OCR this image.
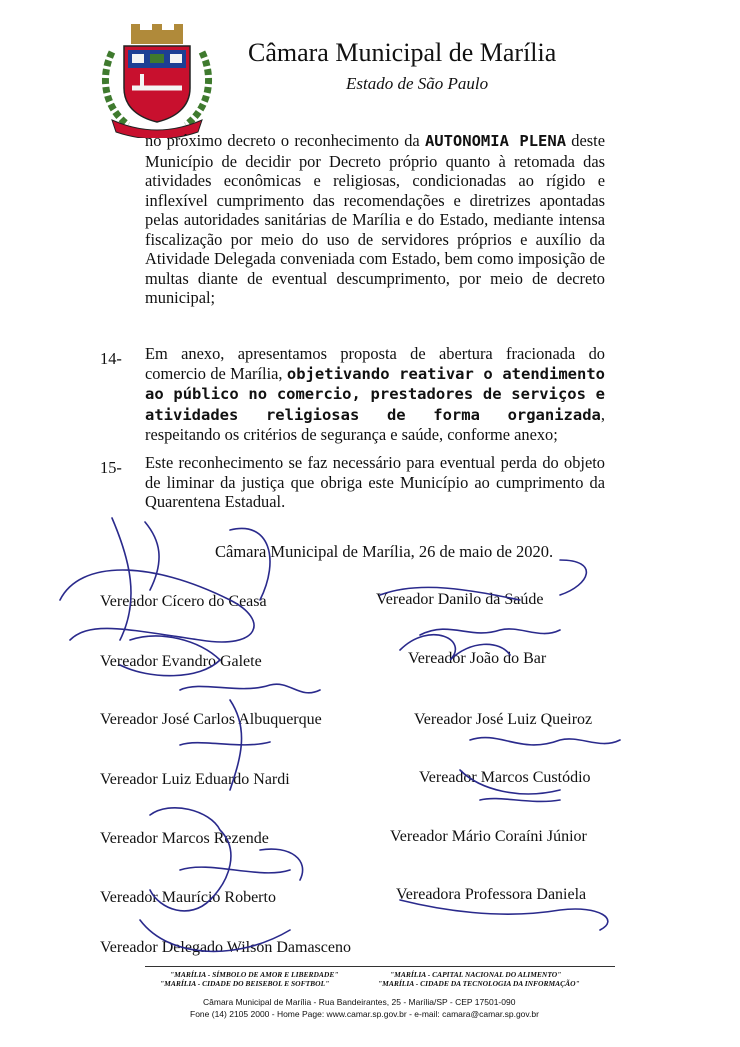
Câmara Municipal de Marília
Estado de São Paulo
no próximo decreto o reconhecimento da AUTONOMIA PLENA deste Município de decidir por Decreto próprio quanto à retomada das atividades econômicas e religiosas, condicionadas ao rígido e inflexível cumprimento das recomendações e diretrizes apontadas pelas autoridades sanitárias de Marília e do Estado, mediante intensa fiscalização por meio do uso de servidores próprios e auxílio da Atividade Delegada conveniada com Estado, bem como imposição de multas diante de eventual descumprimento, por meio de decreto municipal;
14- Em anexo, apresentamos proposta de abertura fracionada do comercio de Marília, objetivando reativar o atendimento ao público no comercio, prestadores de serviços e atividades religiosas de forma organizada, respeitando os critérios de segurança e saúde, conforme anexo;
15- Este reconhecimento se faz necessário para eventual perda do objeto de liminar da justiça que obriga este Município ao cumprimento da Quarentena Estadual.
Câmara Municipal de Marília, 26 de maio de 2020.
Vereador Cícero do Ceasa	Vereador Danilo da Saúde
Vereador Evandro Galete	Vereador João do Bar
Vereador José Carlos Albuquerque	Vereador José Luiz Queiroz
Vereador Luiz Eduardo Nardi	Vereador Marcos Custódio
Vereador Marcos Rezende	Vereador Mário Coraíni Júnior
Vereador Maurício Roberto	Vereadora Professora Daniela
Vereador Delegado Wilson Damasceno
"MARÍLIA - SÍMBOLO DE AMOR E LIBERDADE"
"MARÍLIA - CIDADE DO BEISEBOL E SOFTBOL"
"MARÍLIA - CAPITAL NACIONAL DO ALIMENTO"
"MARÍLIA - CIDADE DA TECNOLOGIA DA INFORMAÇÃO"
Câmara Municipal de Marília - Rua Bandeirantes, 25 - Marília/SP - CEP 17501-090
Fone (14) 2105 2000 - Home Page: www.camar.sp.gov.br - e-mail: camara@camar.sp.gov.br
